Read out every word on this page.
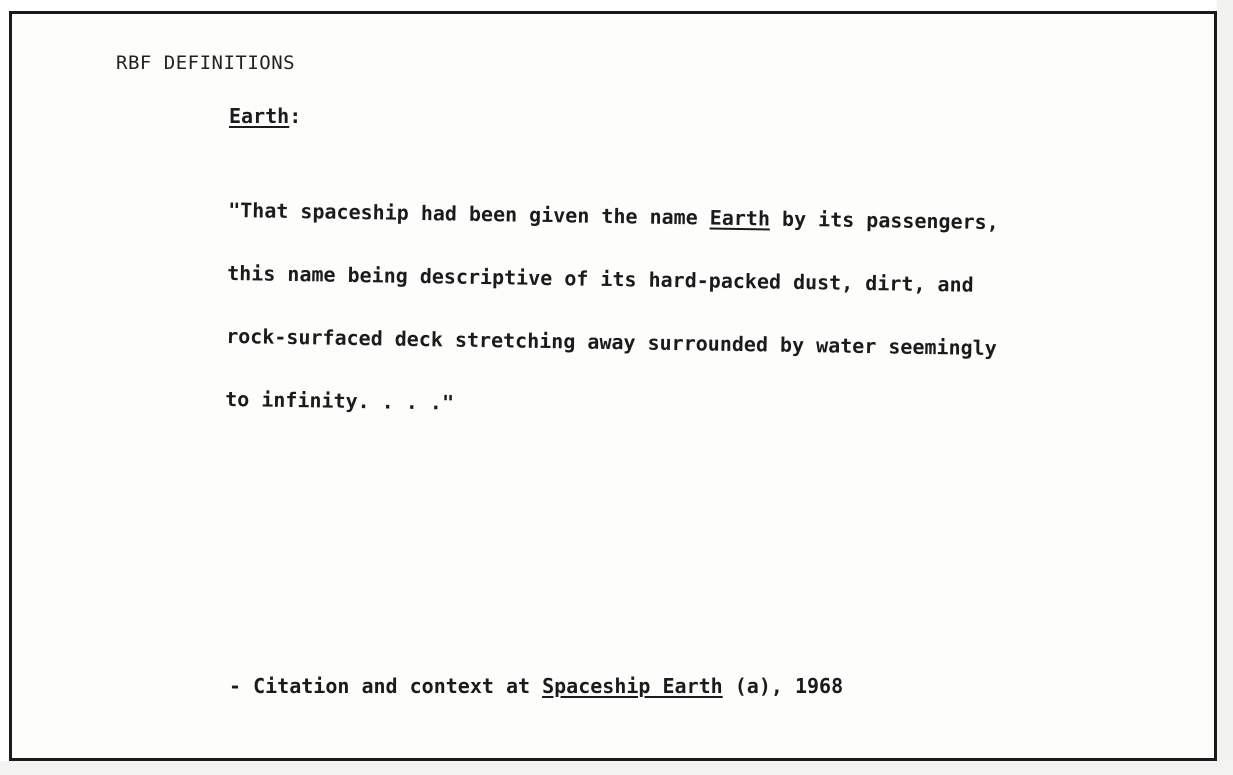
RBF DEFINITIONS
Earth:

"That spaceship had been given the name Earth by its passengers,

this name being descriptive of its hard-packed dust, dirt, and

rock-surfaced deck stretching away surrounded by water seemingly

to infinity. . . ."

- Citation and context at Spaceship Earth (a), 1968
